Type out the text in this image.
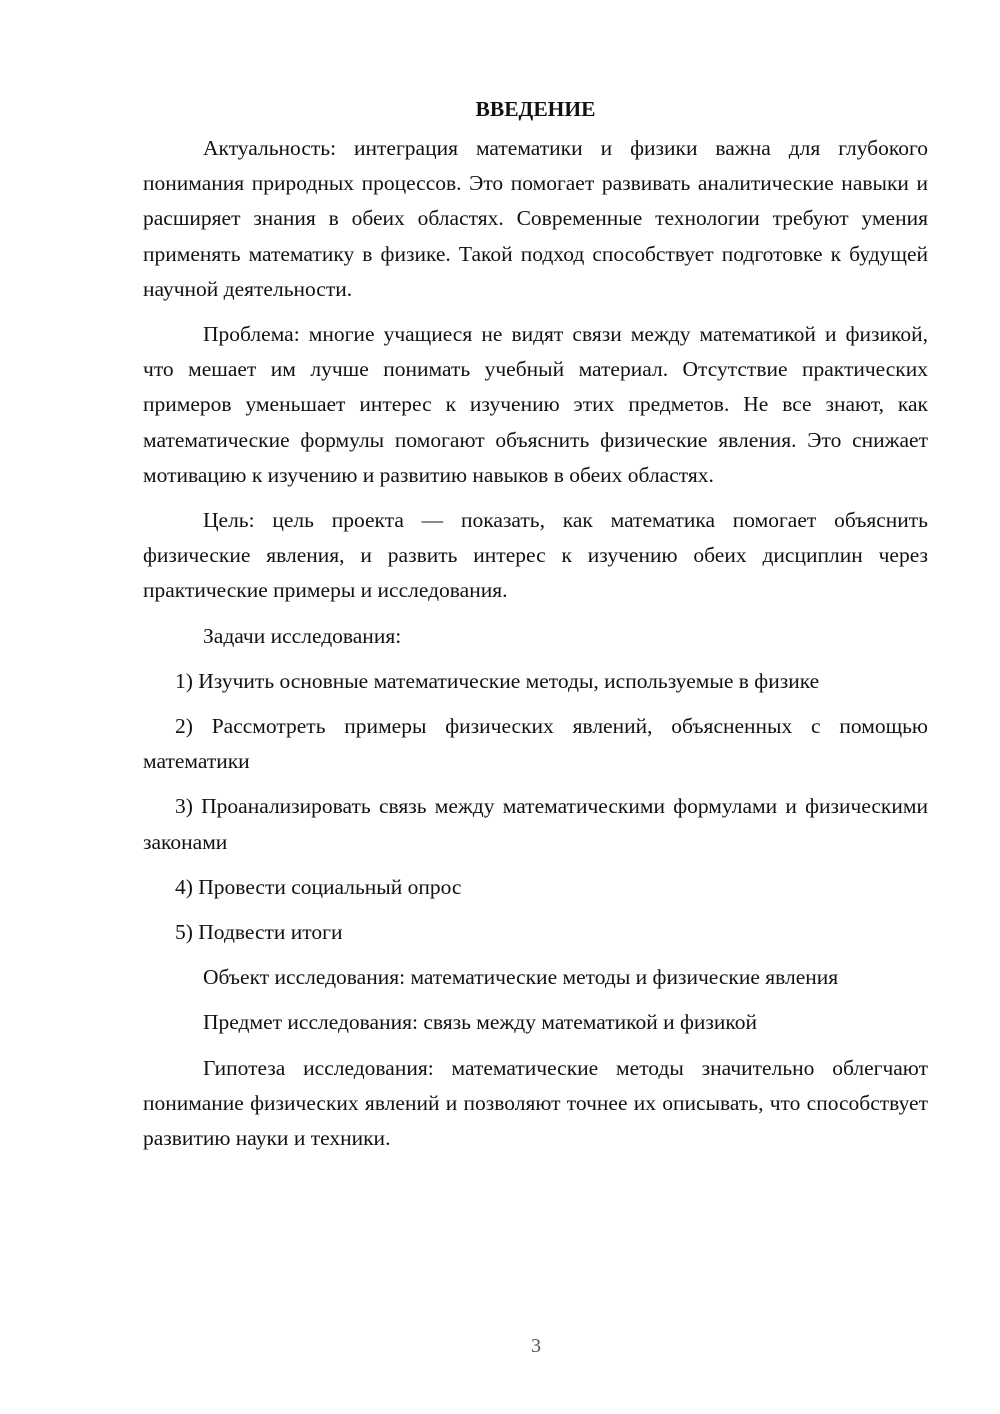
ВВЕДЕНИЕ

Актуальность: интеграция математики и физики важна для глубокого понимания природных процессов. Это помогает развивать аналитические навыки и расширяет знания в обеих областях. Современные технологии требуют умения применять математику в физике. Такой подход способствует подготовке к будущей научной деятельности.

Проблема: многие учащиеся не видят связи между математикой и физикой, что мешает им лучше понимать учебный материал. Отсутствие практических примеров уменьшает интерес к изучению этих предметов. Не все знают, как математические формулы помогают объяснить физические явления. Это снижает мотивацию к изучению и развитию навыков в обеих областях.

Цель: цель проекта — показать, как математика помогает объяснить физические явления, и развить интерес к изучению обеих дисциплин через практические примеры и исследования.

Задачи исследования:

1) Изучить основные математические методы, используемые в физике

2) Рассмотреть примеры физических явлений, объясненных с помощью математики

3) Проанализировать связь между математическими формулами и физическими законами

4) Провести социальный опрос

5) Подвести итоги

Объект исследования: математические методы и физические явления

Предмет исследования: связь между математикой и физикой

Гипотеза исследования: математические методы значительно облегчают понимание физических явлений и позволяют точнее их описывать, что способствует развитию науки и техники.

3
